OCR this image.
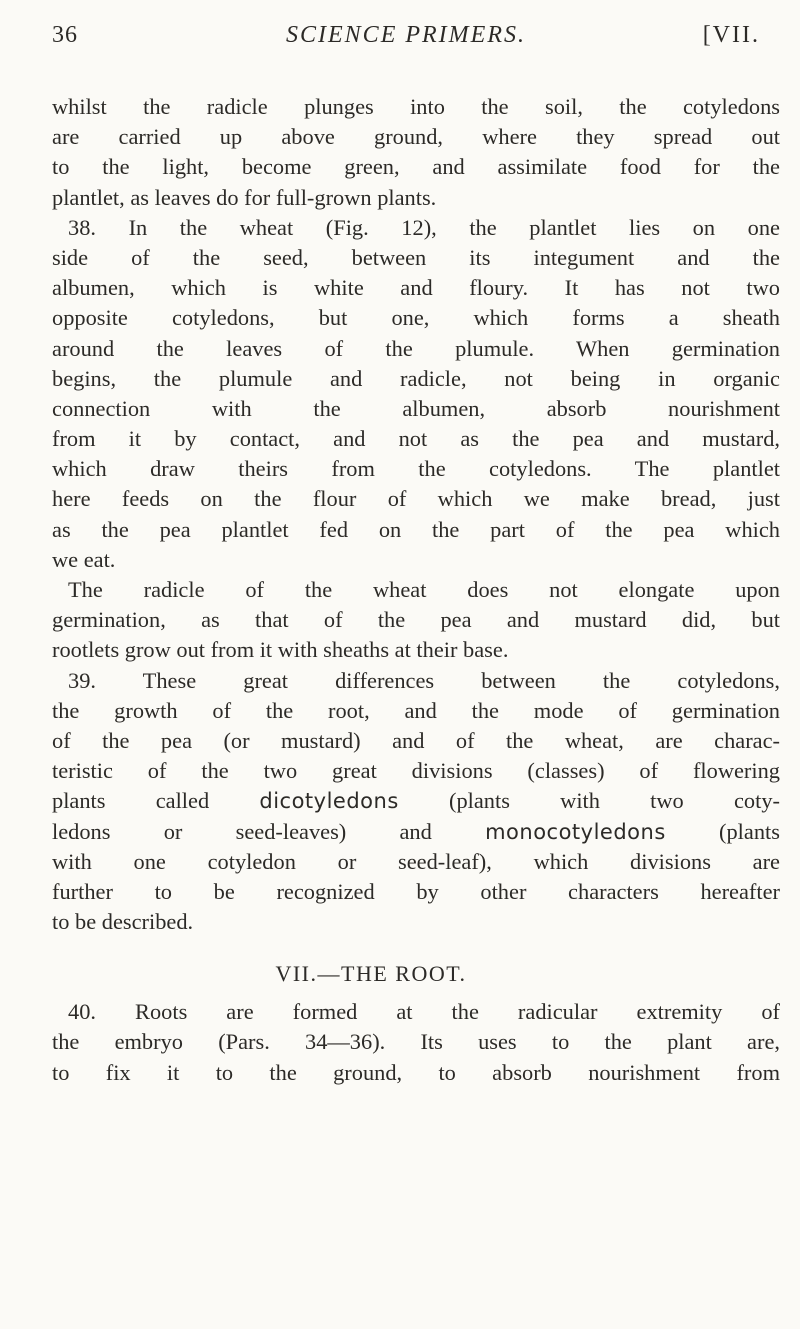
36	SCIENCE PRIMERS.	[VII.
whilst the radicle plunges into the soil, the cotyledons
are carried up above ground, where they spread out
to the light, become green, and assimilate food for the
plantlet, as leaves do for full-grown plants.
38. In the wheat (Fig. 12), the plantlet lies on one
side of the seed, between its integument and the
albumen, which is white and floury. It has not two
opposite cotyledons, but one, which forms a sheath
around the leaves of the plumule. When germination
begins, the plumule and radicle, not being in organic
connection with the albumen, absorb nourishment
from it by contact, and not as the pea and mustard,
which draw theirs from the cotyledons. The plantlet
here feeds on the flour of which we make bread, just
as the pea plantlet fed on the part of the pea which
we eat.
The radicle of the wheat does not elongate upon
germination, as that of the pea and mustard did, but
rootlets grow out from it with sheaths at their base.
39. These great differences between the cotyledons,
the growth of the root, and the mode of germination
of the pea (or mustard) and of the wheat, are charac-
teristic of the two great divisions (classes) of flowering
plants called dicotyledons (plants with two coty-
ledons or seed-leaves) and	monocotyledons (plants
with one cotyledon or seed-leaf), which divisions are
further to be recognized by other characters hereafter
to be described.
VII.—THE ROOT.
40. Roots are formed at the radicular extremity of
the embryo (Pars. 34—36). Its uses to the plant are,
to fix it to the ground, to absorb nourishment from
